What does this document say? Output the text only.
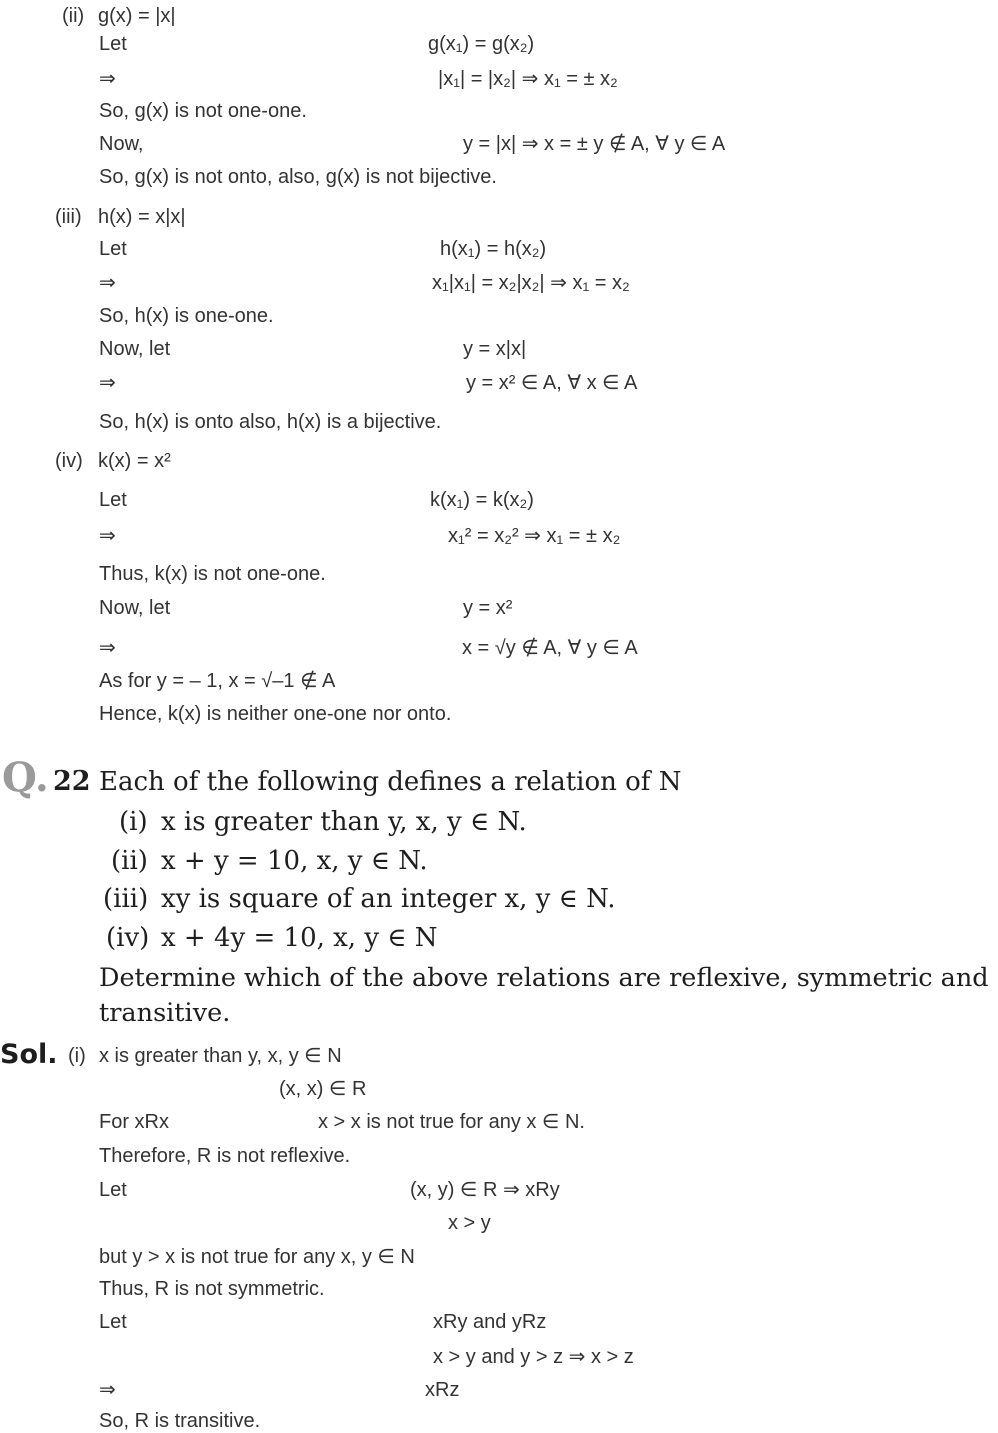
(ii) g(x) = |x|
Let	g(x₁) = g(x₂)
⇒	|x₁| = |x₂| ⇒ x₁ = ± x₂
So, g(x) is not one-one.
Now,	y = |x| ⇒ x = ± y ∉ A, ∀ y ∈ A
So, g(x) is not onto, also, g(x) is not bijective.
(iii) h(x) = x|x|
Let	h(x₁) = h(x₂)
⇒	x₁|x₁| = x₂|x₂| ⇒ x₁ = x₂
So, h(x) is one-one.
Now, let	y = x|x|
⇒	y = x² ∈ A, ∀ x ∈ A
So, h(x) is onto also, h(x) is a bijective.
(iv) k(x) = x²
Let	k(x₁) = k(x₂)
⇒	x₁² = x₂² ⇒ x₁ = ± x₂
Thus, k(x) is not one-one.
Now, let	y = x²
⇒	x = √y ∉ A, ∀ y ∈ A
As for y = – 1, x = √–1 ∉ A
Hence, k(x) is neither one-one nor onto.
Q. 22 Each of the following defines a relation of N
(i) x is greater than y, x, y ∈ N.
(ii) x + y = 10, x, y ∈ N.
(iii) xy is square of an integer x, y ∈ N.
(iv) x + 4y = 10, x, y ∈ N
Determine which of the above relations are reflexive, symmetric and
transitive.
Sol. (i) x is greater than y, x, y ∈ N
(x, x) ∈ R
For xRx	x > x is not true for any x ∈ N.
Therefore, R is not reflexive.
Let	(x, y) ∈ R ⇒ xRy
x > y
but y > x is not true for any x, y ∈ N
Thus, R is not symmetric.
Let	xRy and yRz
x > y and y > z ⇒ x > z
⇒	xRz
So, R is transitive.
